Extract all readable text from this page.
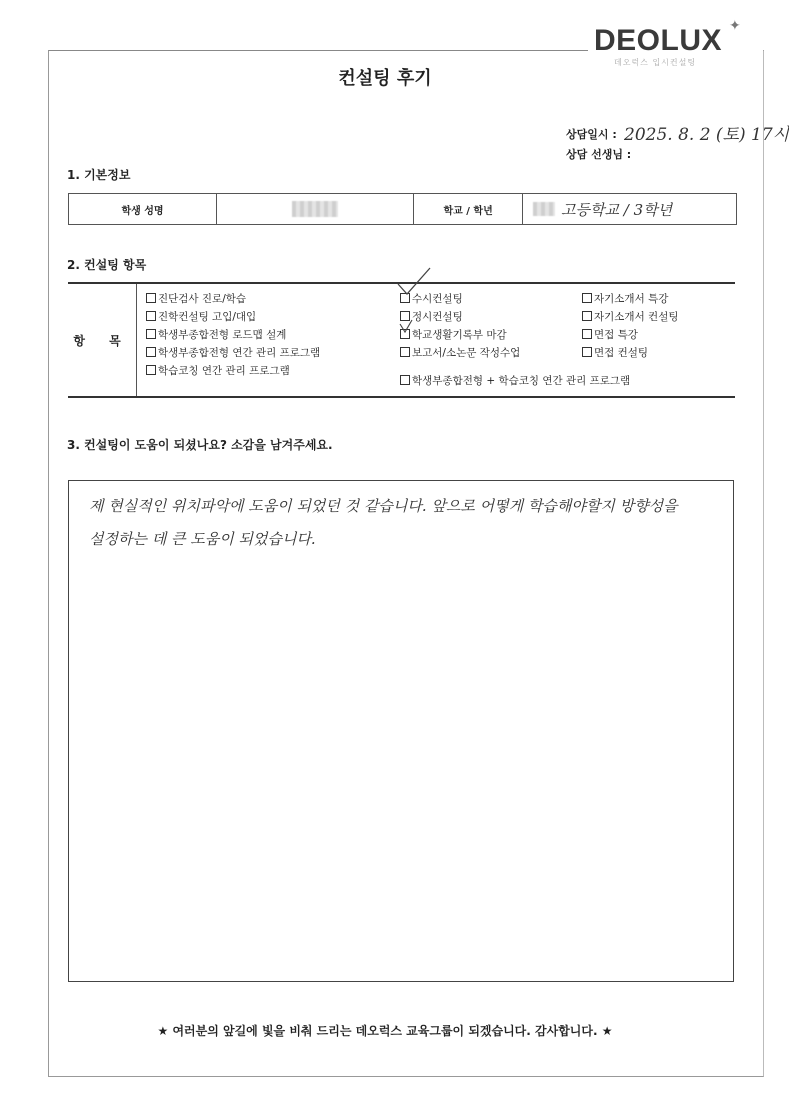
DEOLUX ✦
데오럭스 입시컨설팅
컨설팅 후기
상담일시 : 2025. 8. 2 (토) 17시
상담 선생님 :
1. 기본정보
학생 성명	학교 / 학년	고등학교 / 3학년
2. 컨설팅 항목
항 목
진단검사 진로/학습
진학컨설팅 고입/대입
학생부종합전형 로드맵 설계
학생부종합전형 연간 관리 프로그램
학습코칭 연간 관리 프로그램
수시컨설팅
정시컨설팅
학교생활기록부 마감
보고서/소논문 작성수업
자기소개서 특강
자기소개서 컨설팅
면접 특강
면접 컨설팅
학생부종합전형 + 학습코칭 연간 관리 프로그램
3. 컨설팅이 도움이 되셨나요? 소감을 남겨주세요.
제 현실적인 위치파악에 도움이 되었던 것 같습니다. 앞으로 어떻게 학습해야할지 방향성을
설정하는 데 큰 도움이 되었습니다.
★ 여러분의 앞길에 빛을 비춰 드리는 데오럭스 교육그룹이 되겠습니다. 감사합니다. ★
